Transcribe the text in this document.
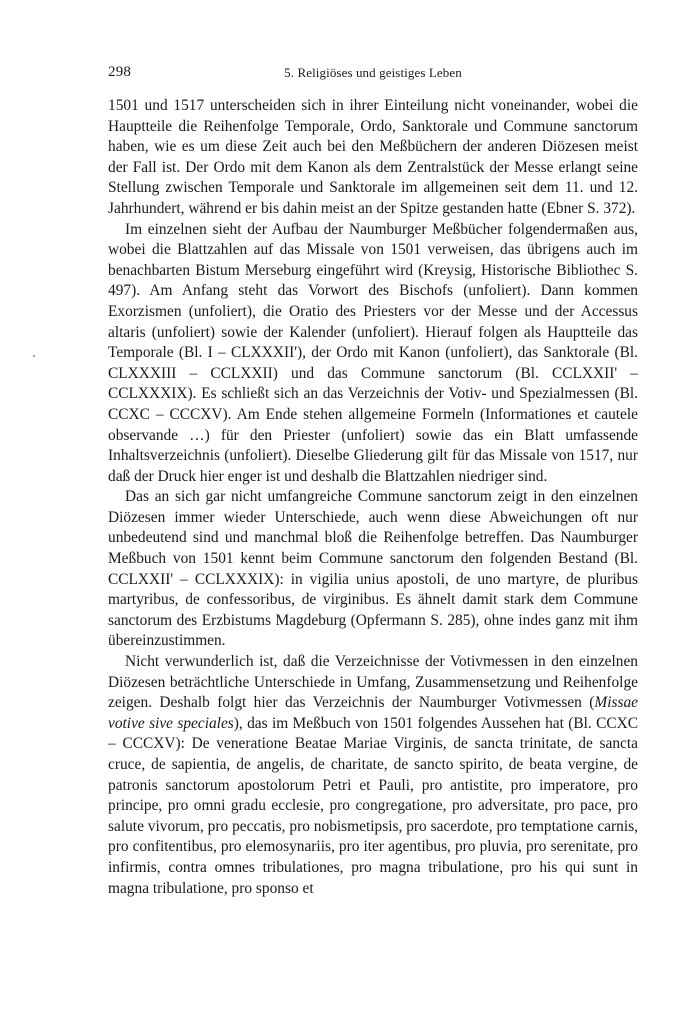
298	5. Religiöses und geistiges Leben

1501 und 1517 unterscheiden sich in ihrer Einteilung nicht voneinander, wobei die Hauptteile die Reihenfolge Temporale, Ordo, Sanktorale und Commune sanctorum haben, wie es um diese Zeit auch bei den Meßbüchern der anderen Diözesen meist der Fall ist. Der Ordo mit dem Kanon als dem Zentralstück der Messe erlangt seine Stellung zwischen Temporale und Sanktorale im allgemeinen seit dem 11. und 12. Jahrhundert, während er bis dahin meist an der Spitze gestanden hatte (Ebner S. 372).

Im einzelnen sieht der Aufbau der Naumburger Meßbücher folgendermaßen aus, wobei die Blattzahlen auf das Missale von 1501 verweisen, das übrigens auch im benachbarten Bistum Merseburg eingeführt wird (Kreysig, Historische Bibliothec S. 497). Am Anfang steht das Vorwort des Bischofs (unfoliert). Dann kommen Exorzismen (unfoliert), die Oratio des Priesters vor der Messe und der Accessus altaris (unfoliert) sowie der Kalender (unfoliert). Hierauf folgen als Hauptteile das Temporale (Bl. I – CLXXXII'), der Ordo mit Kanon (unfoliert), das Sanktorale (Bl. CLXXXIII – CCLXXII) und das Commune sanctorum (Bl. CCLXXII' – CCLXXXIX). Es schließt sich an das Verzeichnis der Votiv- und Spezialmessen (Bl. CCXC – CCCXV). Am Ende stehen allgemeine Formeln (Informationes et cautele observande …) für den Priester (unfoliert) sowie das ein Blatt umfassende Inhaltsverzeichnis (unfoliert). Dieselbe Gliederung gilt für das Missale von 1517, nur daß der Druck hier enger ist und deshalb die Blattzahlen niedriger sind.

Das an sich gar nicht umfangreiche Commune sanctorum zeigt in den einzelnen Diözesen immer wieder Unterschiede, auch wenn diese Abweichungen oft nur unbedeutend sind und manchmal bloß die Reihenfolge betreffen. Das Naumburger Meßbuch von 1501 kennt beim Commune sanctorum den folgenden Bestand (Bl. CCLXXII' – CCLXXXIX): in vigilia unius apostoli, de uno martyre, de pluribus martyribus, de confessoribus, de virginibus. Es ähnelt damit stark dem Commune sanctorum des Erzbistums Magdeburg (Opfermann S. 285), ohne indes ganz mit ihm übereinzustimmen.

Nicht verwunderlich ist, daß die Verzeichnisse der Votivmessen in den einzelnen Diözesen beträchtliche Unterschiede in Umfang, Zusammensetzung und Reihenfolge zeigen. Deshalb folgt hier das Verzeichnis der Naumburger Votivmessen (Missae votive sive speciales), das im Meßbuch von 1501 folgendes Aussehen hat (Bl. CCXC – CCCXV): De veneratione Beatae Mariae Virginis, de sancta trinitate, de sancta cruce, de sapientia, de angelis, de charitate, de sancto spirito, de beata vergine, de patronis sanctorum apostolorum Petri et Pauli, pro antistite, pro imperatore, pro principe, pro omni gradu ecclesie, pro congregatione, pro adversitate, pro pace, pro salute vivorum, pro peccatis, pro nobismetipsis, pro sacerdote, pro temptatione carnis, pro confitentibus, pro elemosynariis, pro iter agentibus, pro pluvia, pro serenitate, pro infirmis, contra omnes tribulationes, pro magna tribulatione, pro his qui sunt in magna tribulatione, pro sponso et
